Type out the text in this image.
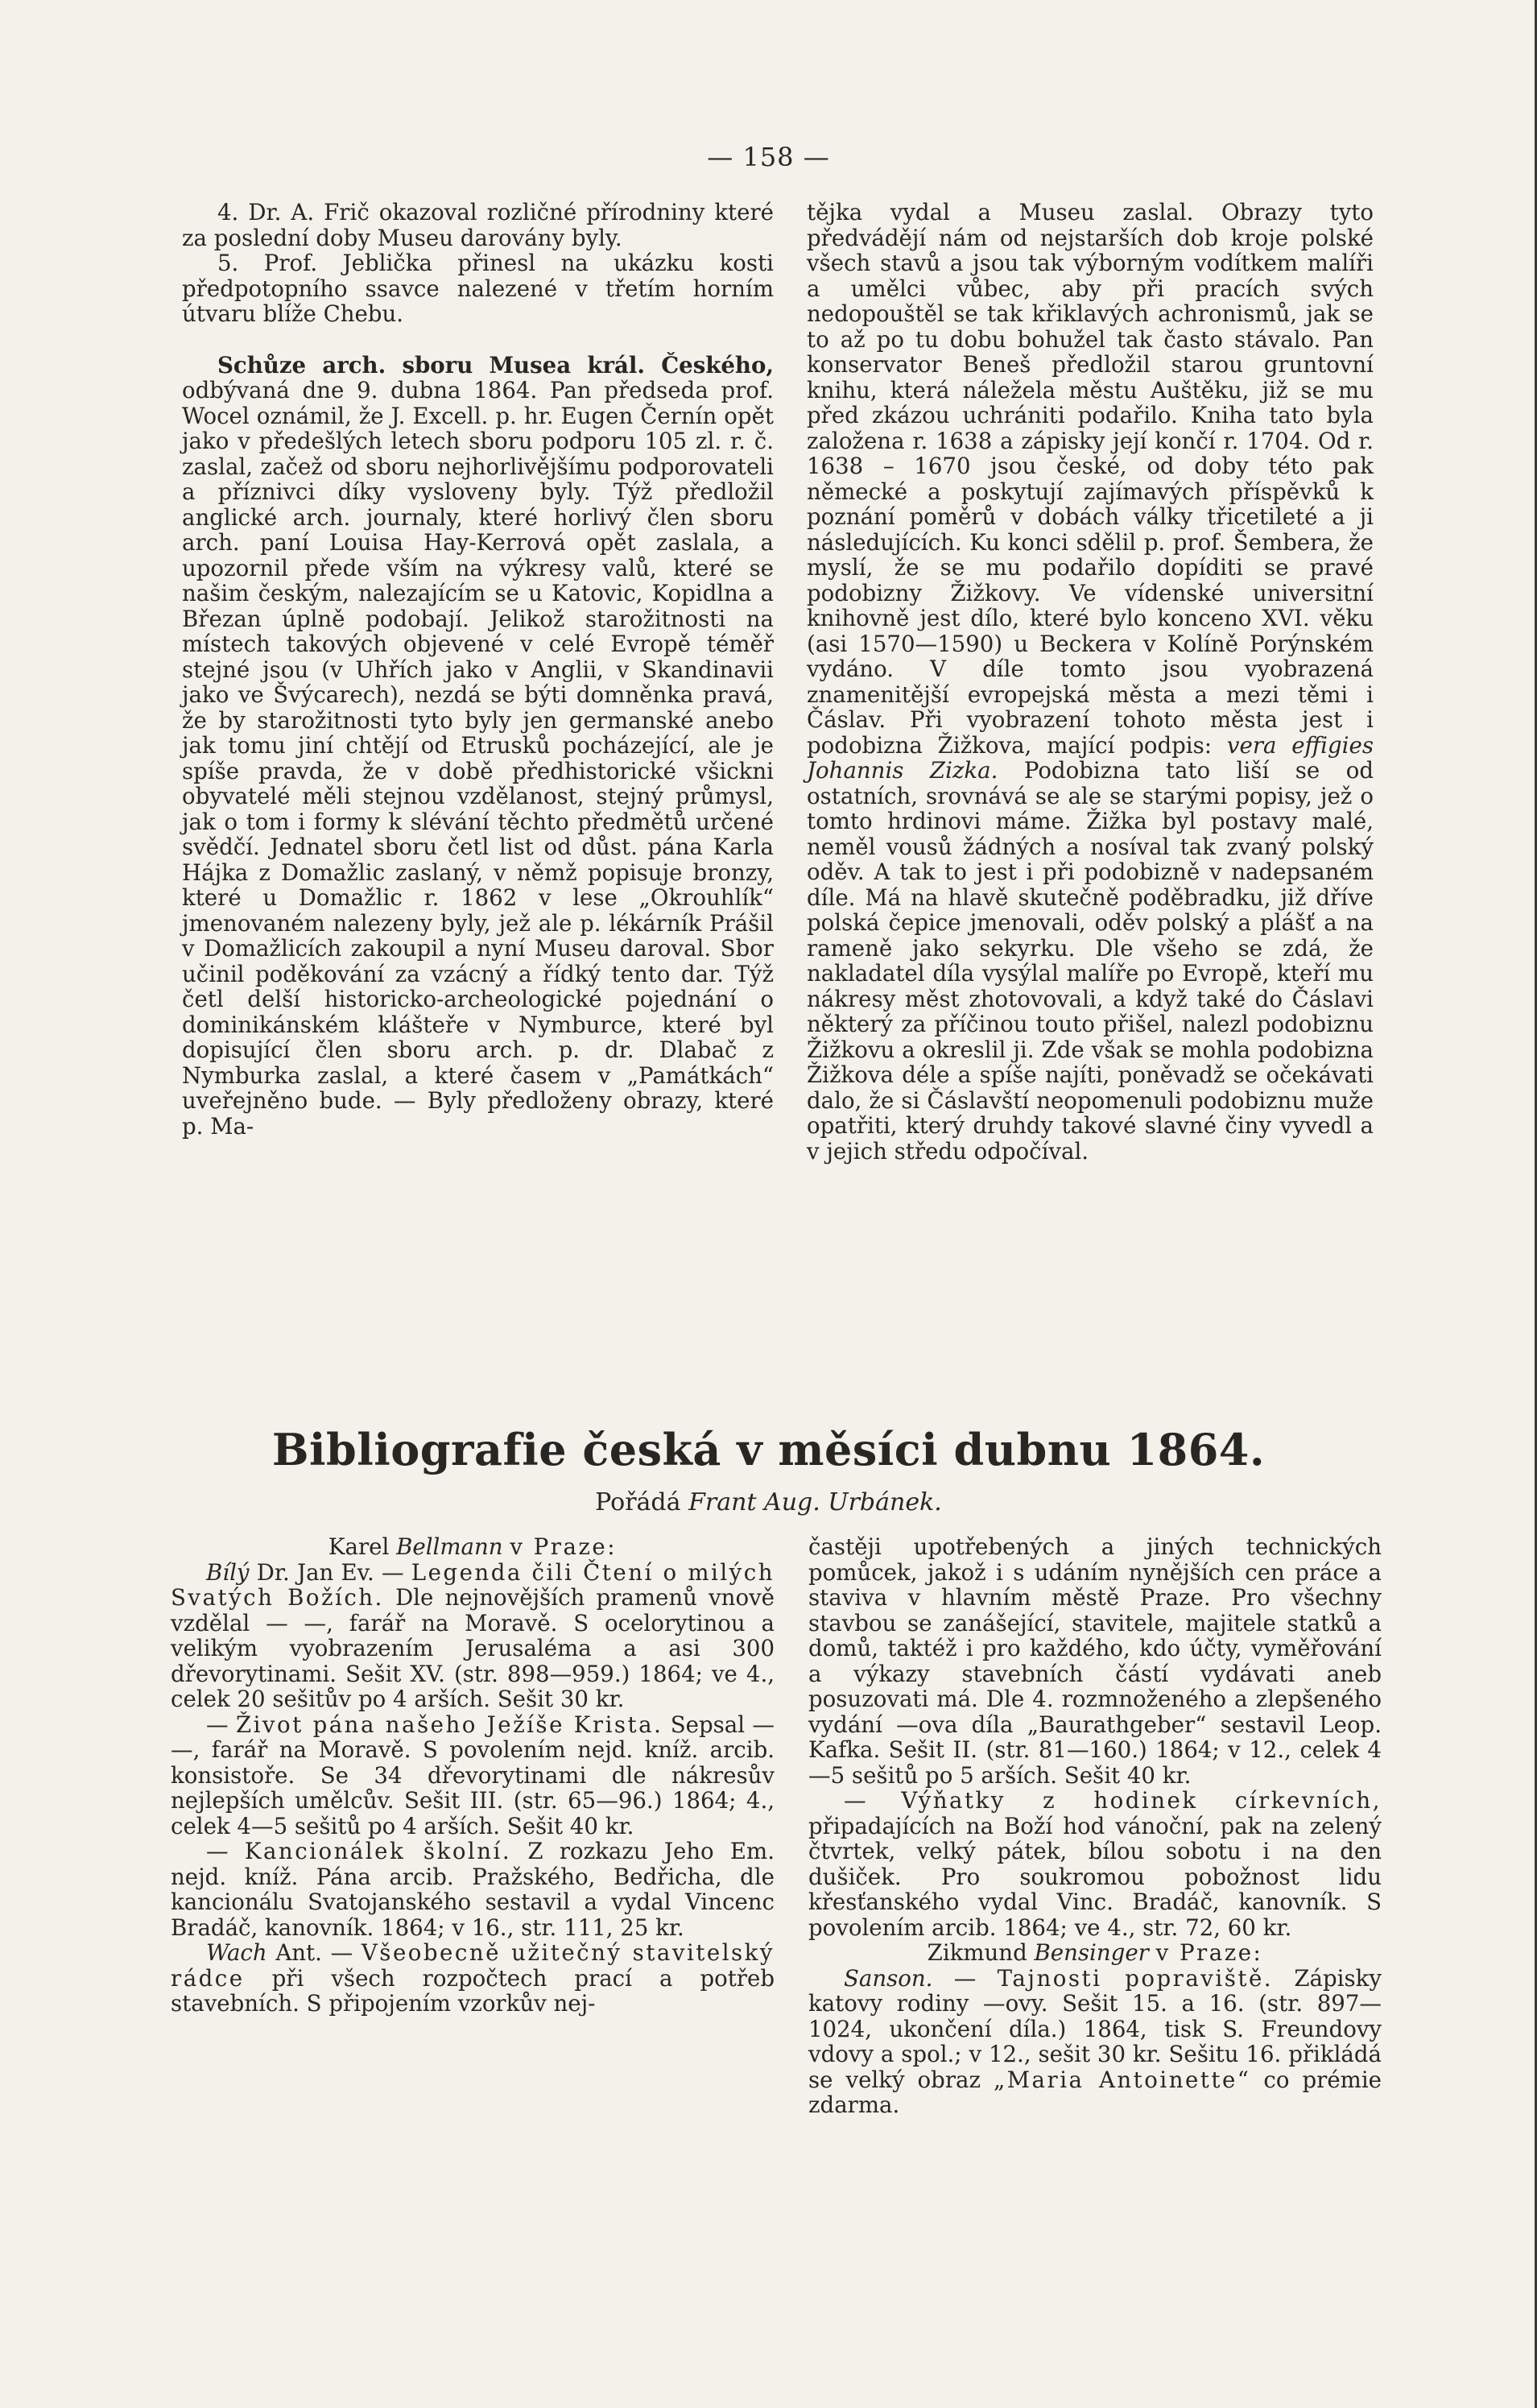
— 158 —

4. Dr. A. Frič okazoval rozličné přírodniny které za poslední doby Museu darovány byly.

5. Prof. Jeblička přinesl na ukázku kosti předpotopního ssavce nalezené v třetím horním útvaru blíže Chebu.

Schůze arch. sboru Musea král. Českého, odbývaná dne 9. dubna 1864. Pan předseda prof. Wocel oznámil, že J. Excell. p. hr. Eugen Černín opět jako v předešlých letech sboru podporu 105 zl. r. č. zaslal, začež od sboru nejhorlivějšímu podporovateli a příznivci díky vysloveny byly. Týž předložil anglické arch. journaly, které horlivý člen sboru arch. paní Louisa Hay-Kerrová opět zaslala, a upozornil přede vším na výkresy valů, které se našim českým, nalezajícím se u Katovic, Kopidlna a Březan úplně podobají. Jelikož starožitnosti na místech takových objevené v celé Evropě téměř stejné jsou (v Uhřích jako v Anglii, v Skandinavii jako ve Švýcarech), nezdá se býti domněnka pravá, že by starožitnosti tyto byly jen germanské anebo jak tomu jiní chtějí od Etrusků pocházející, ale je spíše pravda, že v době předhistorické všickni obyvatelé měli stejnou vzdělanost, stejný průmysl, jak o tom i formy k slévání těchto předmětů určené svědčí. Jednatel sboru četl list od důst. pána Karla Hájka z Domažlic zaslaný, v němž popisuje bronzy, které u Domažlic r. 1862 v lese „Okrouhlík“ jmenovaném nalezeny byly, jež ale p. lékárník Prášil v Domažlicích zakoupil a nyní Museu daroval. Sbor učinil poděkování za vzácný a řídký tento dar. Týž četl delší historicko-archeologické pojednání o dominikánském klášteře v Nymburce, které byl dopisující člen sboru arch. p. dr. Dlabač z Nymburka zaslal, a které časem v „Památkách“ uveřejněno bude. — Byly předloženy obrazy, které p. Ma-

tějka vydal a Museu zaslal. Obrazy tyto předvádějí nám od nejstarších dob kroje polské všech stavů a jsou tak výborným vodítkem malíři a umělci vůbec, aby při pracích svých nedopouštěl se tak křiklavých achronismů, jak se to až po tu dobu bohužel tak často stávalo. Pan konservator Beneš předložil starou gruntovní knihu, která náležela městu Auštěku, již se mu před zkázou uchrániti podařilo. Kniha tato byla založena r. 1638 a zápisky její končí r. 1704. Od r. 1638 – 1670 jsou české, od doby této pak německé a poskytují zajímavých příspěvků k poznání poměrů v dobách války třicetileté a ji následujících. Ku konci sdělil p. prof. Šembera, že myslí, že se mu podařilo dopíditi se pravé podobizny Žižkovy. Ve vídenské universitní knihovně jest dílo, které bylo konceno XVI. věku (asi 1570—1590) u Beckera v Kolíně Porýnském vydáno. V díle tomto jsou vyobrazená znamenitější evropejská města a mezi těmi i Čáslav. Při vyobrazení tohoto města jest i podobizna Žižkova, mající podpis: vera effigies Johannis Zizka. Podobizna tato liší se od ostatních, srovnává se ale se starými popisy, jež o tomto hrdinovi máme. Žižka byl postavy malé, neměl vousů žádných a nosíval tak zvaný polský oděv. A tak to jest i při podobizně v nadepsaném díle. Má na hlavě skutečně poděbradku, již dříve polská čepice jmenovali, oděv polský a plášť a na rameně jako sekyrku. Dle všeho se zdá, že nakladatel díla vysýlal malíře po Evropě, kteří mu nákresy měst zhotovovali, a když také do Čáslavi některý za příčinou touto přišel, nalezl podobiznu Žižkovu a okreslil ji. Zde však se mohla podobizna Žižkova déle a spíše najíti, poněvadž se očekávati dalo, že si Čáslavští neopomenuli podobiznu muže opatřiti, který druhdy takové slavné činy vyvedl a v jejich středu odpočíval.

Bibliografie česká v měsíci dubnu 1864.
Pořádá Frant Aug. Urbánek.

Karel Bellmann v Praze:

Bílý Dr. Jan Ev. — Legenda čili Čtení o milých Svatých Božích. Dle nejnovějších pramenů vnově vzdělal — —, farář na Moravě. S ocelorytinou a velikým vyobrazením Jerusaléma a asi 300 dřevorytinami. Sešit XV. (str. 898—959.) 1864; ve 4., celek 20 sešitův po 4 arších. Sešit 30 kr.

— Život pána našeho Ježíše Krista. Sepsal — —, farář na Moravě. S povolením nejd. kníž. arcib. konsistoře. Se 34 dřevorytinami dle nákresův nejlepších umělcův. Sešit III. (str. 65—96.) 1864; 4., celek 4—5 sešitů po 4 arších. Sešit 40 kr.

— Kancionálek školní. Z rozkazu Jeho Em. nejd. kníž. Pána arcib. Pražského, Bedřicha, dle kancionálu Svatojanského sestavil a vydal Vincenc Bradáč, kanovník. 1864; v 16., str. 111, 25 kr.

Wach Ant. — Všeobecně užitečný stavitelský rádce při všech rozpočtech prací a potřeb stavebních. S připojením vzorkův nej-

častěji upotřebených a jiných technických pomůcek, jakož i s udáním nynějších cen práce a staviva v hlavním městě Praze. Pro všechny stavbou se zanášející, stavitele, majitele statků a domů, taktéž i pro každého, kdo účty, vyměřování a výkazy stavebních částí vydávati aneb posuzovati má. Dle 4. rozmnoženého a zlepšeného vydání —ova díla „Baurathgeber“ sestavil Leop. Kafka. Sešit II. (str. 81—160.) 1864; v 12., celek 4—5 sešitů po 5 arších. Sešit 40 kr.

— Výňatky z hodinek církevních, připadajících na Boží hod vánoční, pak na zelený čtvrtek, velký pátek, bílou sobotu i na den dušiček. Pro soukromou pobožnost lidu křesťanského vydal Vinc. Bradáč, kanovník. S povolením arcib. 1864; ve 4., str. 72, 60 kr.

Zikmund Bensinger v Praze:

Sanson. — Tajnosti popraviště. Zápisky katovy rodiny —ovy. Sešit 15. a 16. (str. 897—1024, ukončení díla.) 1864, tisk S. Freundovy vdovy a spol.; v 12., sešit 30 kr. Sešitu 16. přikládá se velký obraz „Maria Antoinette“ co prémie zdarma.
